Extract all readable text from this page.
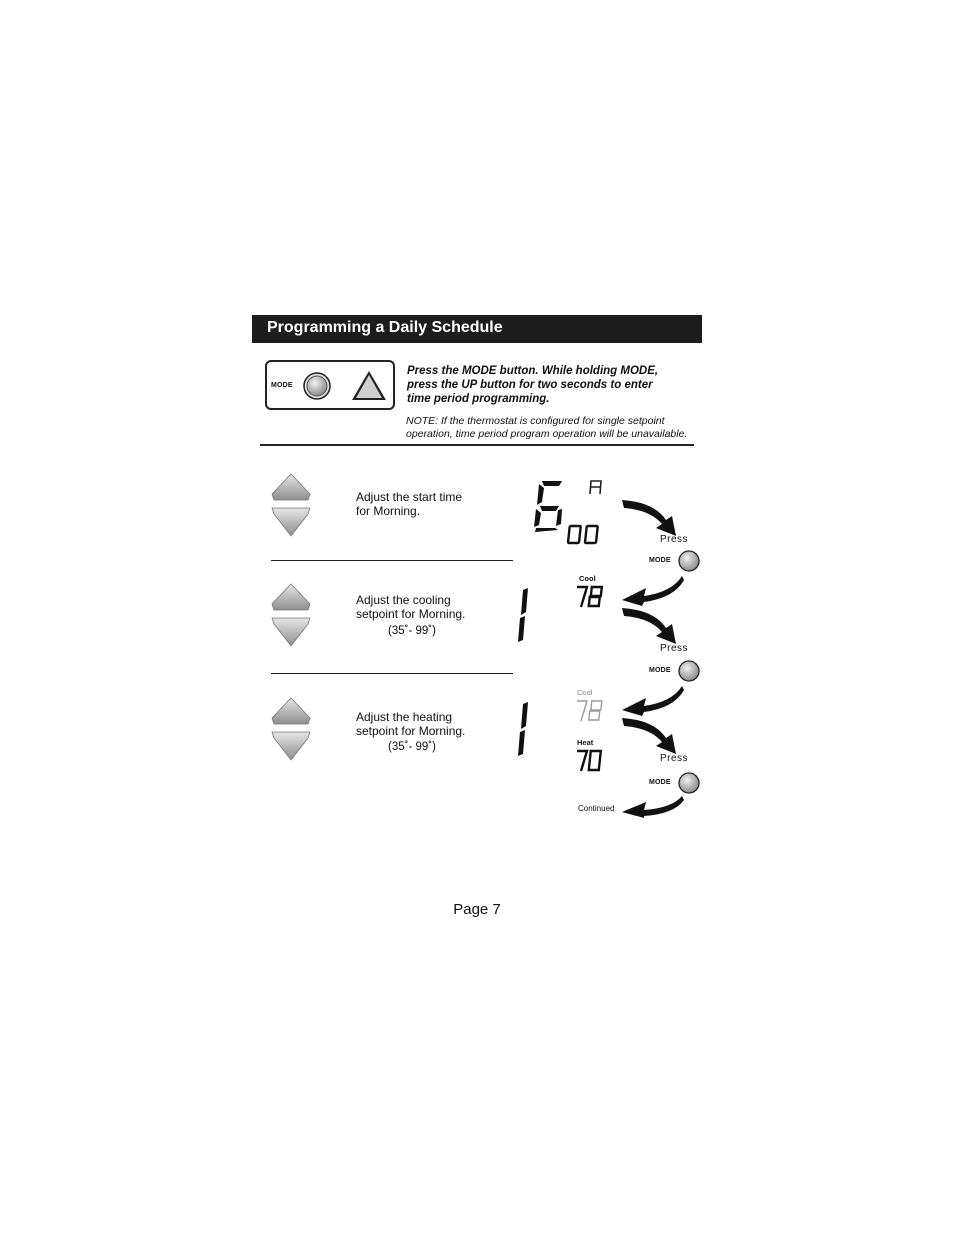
Programming a Daily Schedule
MODE
Press the MODE button. While holding MODE,
press the UP button for two seconds to enter
time period programming.
NOTE: If the thermostat is configured for single setpoint
operation, time period program operation will be unavailable.
Adjust the start time
for Morning.
Press
MODE
Adjust the cooling
setpoint for Morning.
(35˚- 99˚)
Cool
Press
MODE
Adjust the heating
setpoint for Morning.
(35˚- 99˚)
Cool
Heat
Press
MODE
Continued
Page 7
